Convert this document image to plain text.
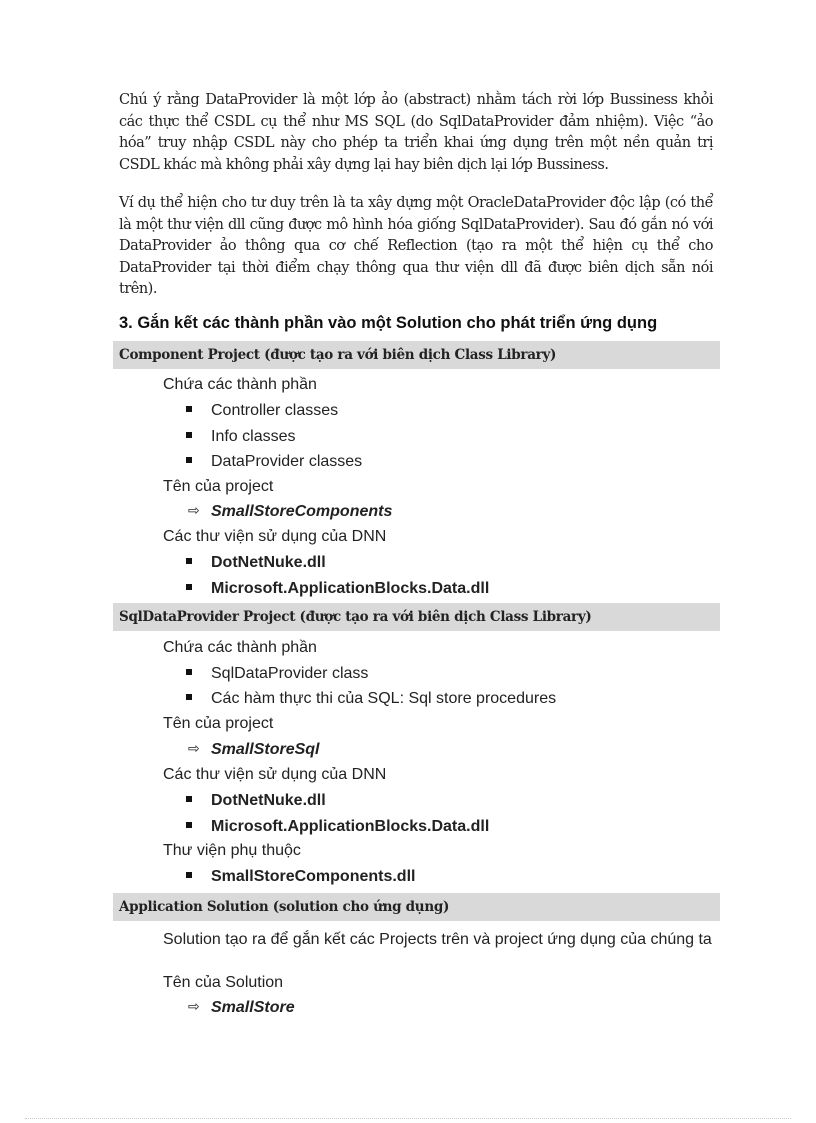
Chú ý rằng DataProvider là một lớp ảo (abstract) nhằm tách rời lớp Bussiness khỏi các thực thể CSDL cụ thể như MS SQL (do SqlDataProvider đảm nhiệm). Việc “ảo hóa” truy nhập CSDL này cho phép ta triển khai ứng dụng trên một nền quản trị CSDL khác mà không phải xây dựng lại hay biên dịch lại lớp Bussiness.
Ví dụ thể hiện cho tư duy trên là ta xây dựng một OracleDataProvider độc lập (có thể là một thư viện dll cũng được mô hình hóa giống SqlDataProvider). Sau đó gắn nó với DataProvider ảo thông qua cơ chế Reflection (tạo ra một thể hiện cụ thể cho DataProvider tại thời điểm chạy thông qua thư viện dll đã được biên dịch sẵn nói trên).
3. Gắn kết các thành phần vào một Solution cho phát triển ứng dụng
Component Project (được tạo ra với biên dịch Class Library)
Chứa các thành phần
Controller classes
Info classes
DataProvider classes
Tên của project
⇨ SmallStoreComponents
Các thư viện sử dụng của DNN
DotNetNuke.dll
Microsoft.ApplicationBlocks.Data.dll
SqlDataProvider Project (được tạo ra với biên dịch Class Library)
Chứa các thành phần
SqlDataProvider class
Các hàm thực thi của SQL: Sql store procedures
Tên của project
⇨ SmallStoreSql
Các thư viện sử dụng của DNN
DotNetNuke.dll
Microsoft.ApplicationBlocks.Data.dll
Thư viện phụ thuộc
SmallStoreComponents.dll
Application Solution (solution cho ứng dụng)
Solution tạo ra để gắn kết các Projects trên và project ứng dụng của chúng ta
Tên của Solution
⇨ SmallStore
